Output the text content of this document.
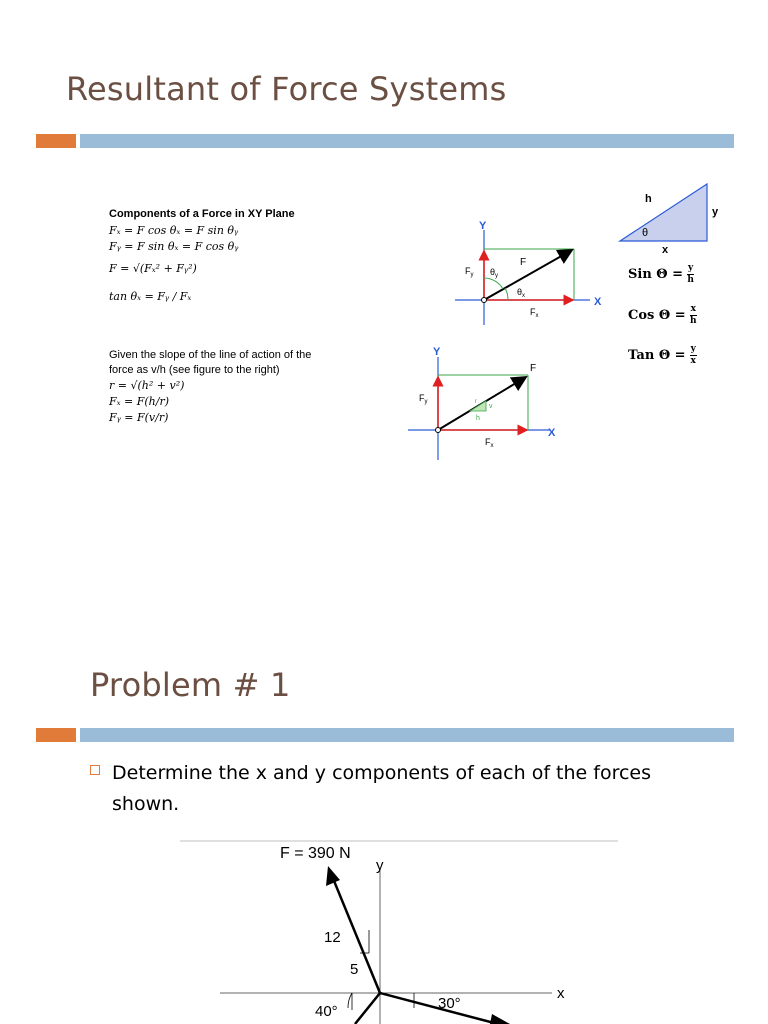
Resultant of Force Systems
Components of a Force in XY Plane
Fₓ = F cos θₓ = F sin θᵧ
Fᵧ = F sin θₓ = F cos θᵧ
F = √(Fₓ² + Fᵧ²)
tan θₓ = Fᵧ / Fₓ
Given the slope of the line of action of the force as v/h (see figure to the right)
r = √(h² + v²)
Fₓ = F(h/r)
Fᵧ = F(v/r)
Y
X
F
$F_y$
$F_x$
$\theta_y$
$\theta_x$
Y
X
F
$F_y$
$F_x$
r
v
h
h
y
x
θ
Sin $\Theta = \frac{y}{h}$
Cos $\Theta = \frac{x}{h}$
Tan $\Theta = \frac{y}{x}$
Problem # 1
Determine the x and y components of each of the forces shown.
F = 390 N
y
x
12
5
40°	30°
